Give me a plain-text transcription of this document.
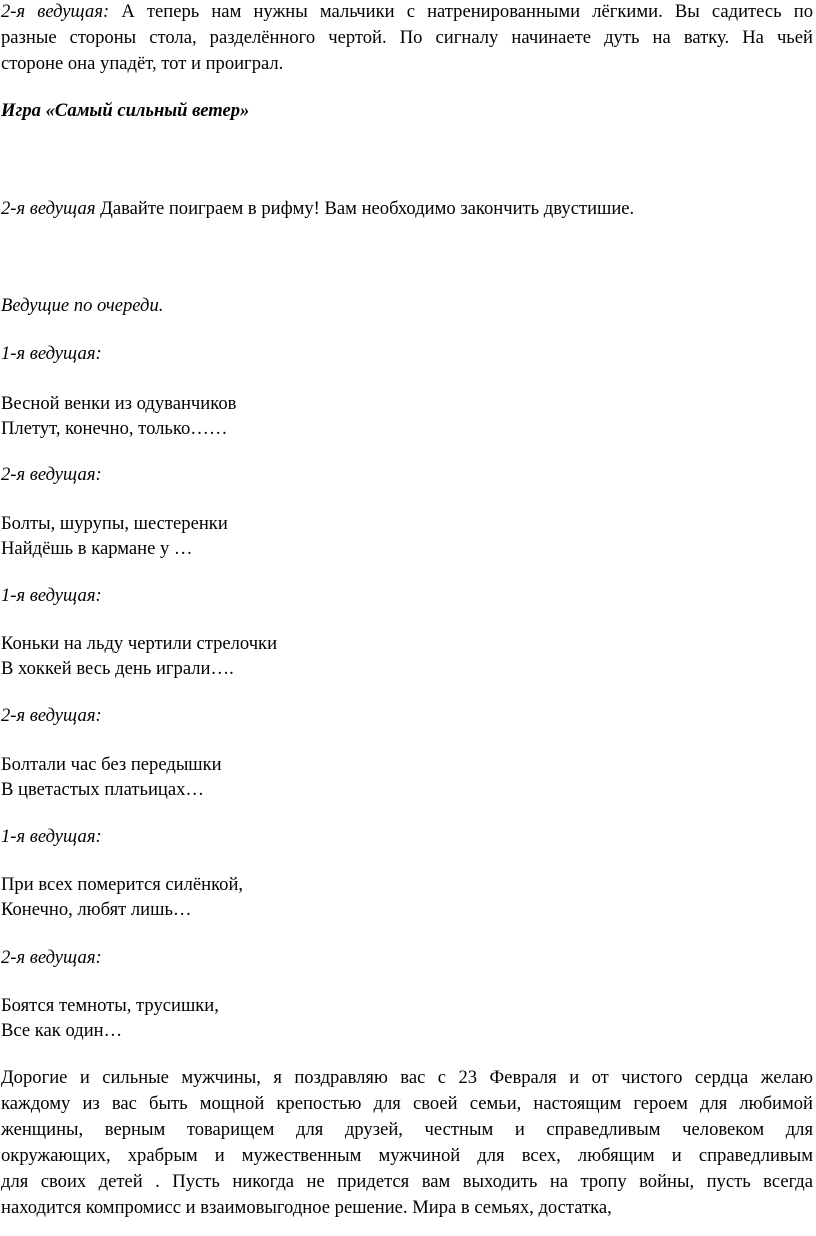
2-я ведущая: А теперь нам нужны мальчики с натренированными лёгкими. Вы садитесь по
разные стороны стола, разделённого чертой. По сигналу начинаете дуть на ватку. На чьей
стороне она упадёт, тот и проиграл.
Игра «Самый сильный ветер»
2-я ведущая Давайте поиграем в рифму! Вам необходимо закончить двустишие.
Ведущие по очереди.
1-я ведущая:
Весной венки из одуванчиков
Плетут, конечно, только……
2-я ведущая:
Болты, шурупы, шестеренки
Найдёшь в кармане у …
1-я ведущая:
Коньки на льду чертили стрелочки
В хоккей весь день играли….
2-я ведущая:
Болтали час без передышки
В цветастых платьицах…
1-я ведущая:
При всех померится силёнкой,
Конечно, любят лишь…
2-я ведущая:
Боятся темноты, трусишки,
Все как один…
Дорогие и сильные мужчины, я поздравляю вас с 23 Февраля и от чистого сердца желаю
каждому из вас быть мощной крепостью для своей семьи, настоящим героем для любимой
женщины, верным товарищем для друзей, честным и справедливым человеком для
окружающих, храбрым и мужественным мужчиной для всех, любящим и справедливым
для своих детей . Пусть никогда не придется вам выходить на тропу войны, пусть всегда
находится компромисс и взаимовыгодное решение. Мира в семьях, достатка,
